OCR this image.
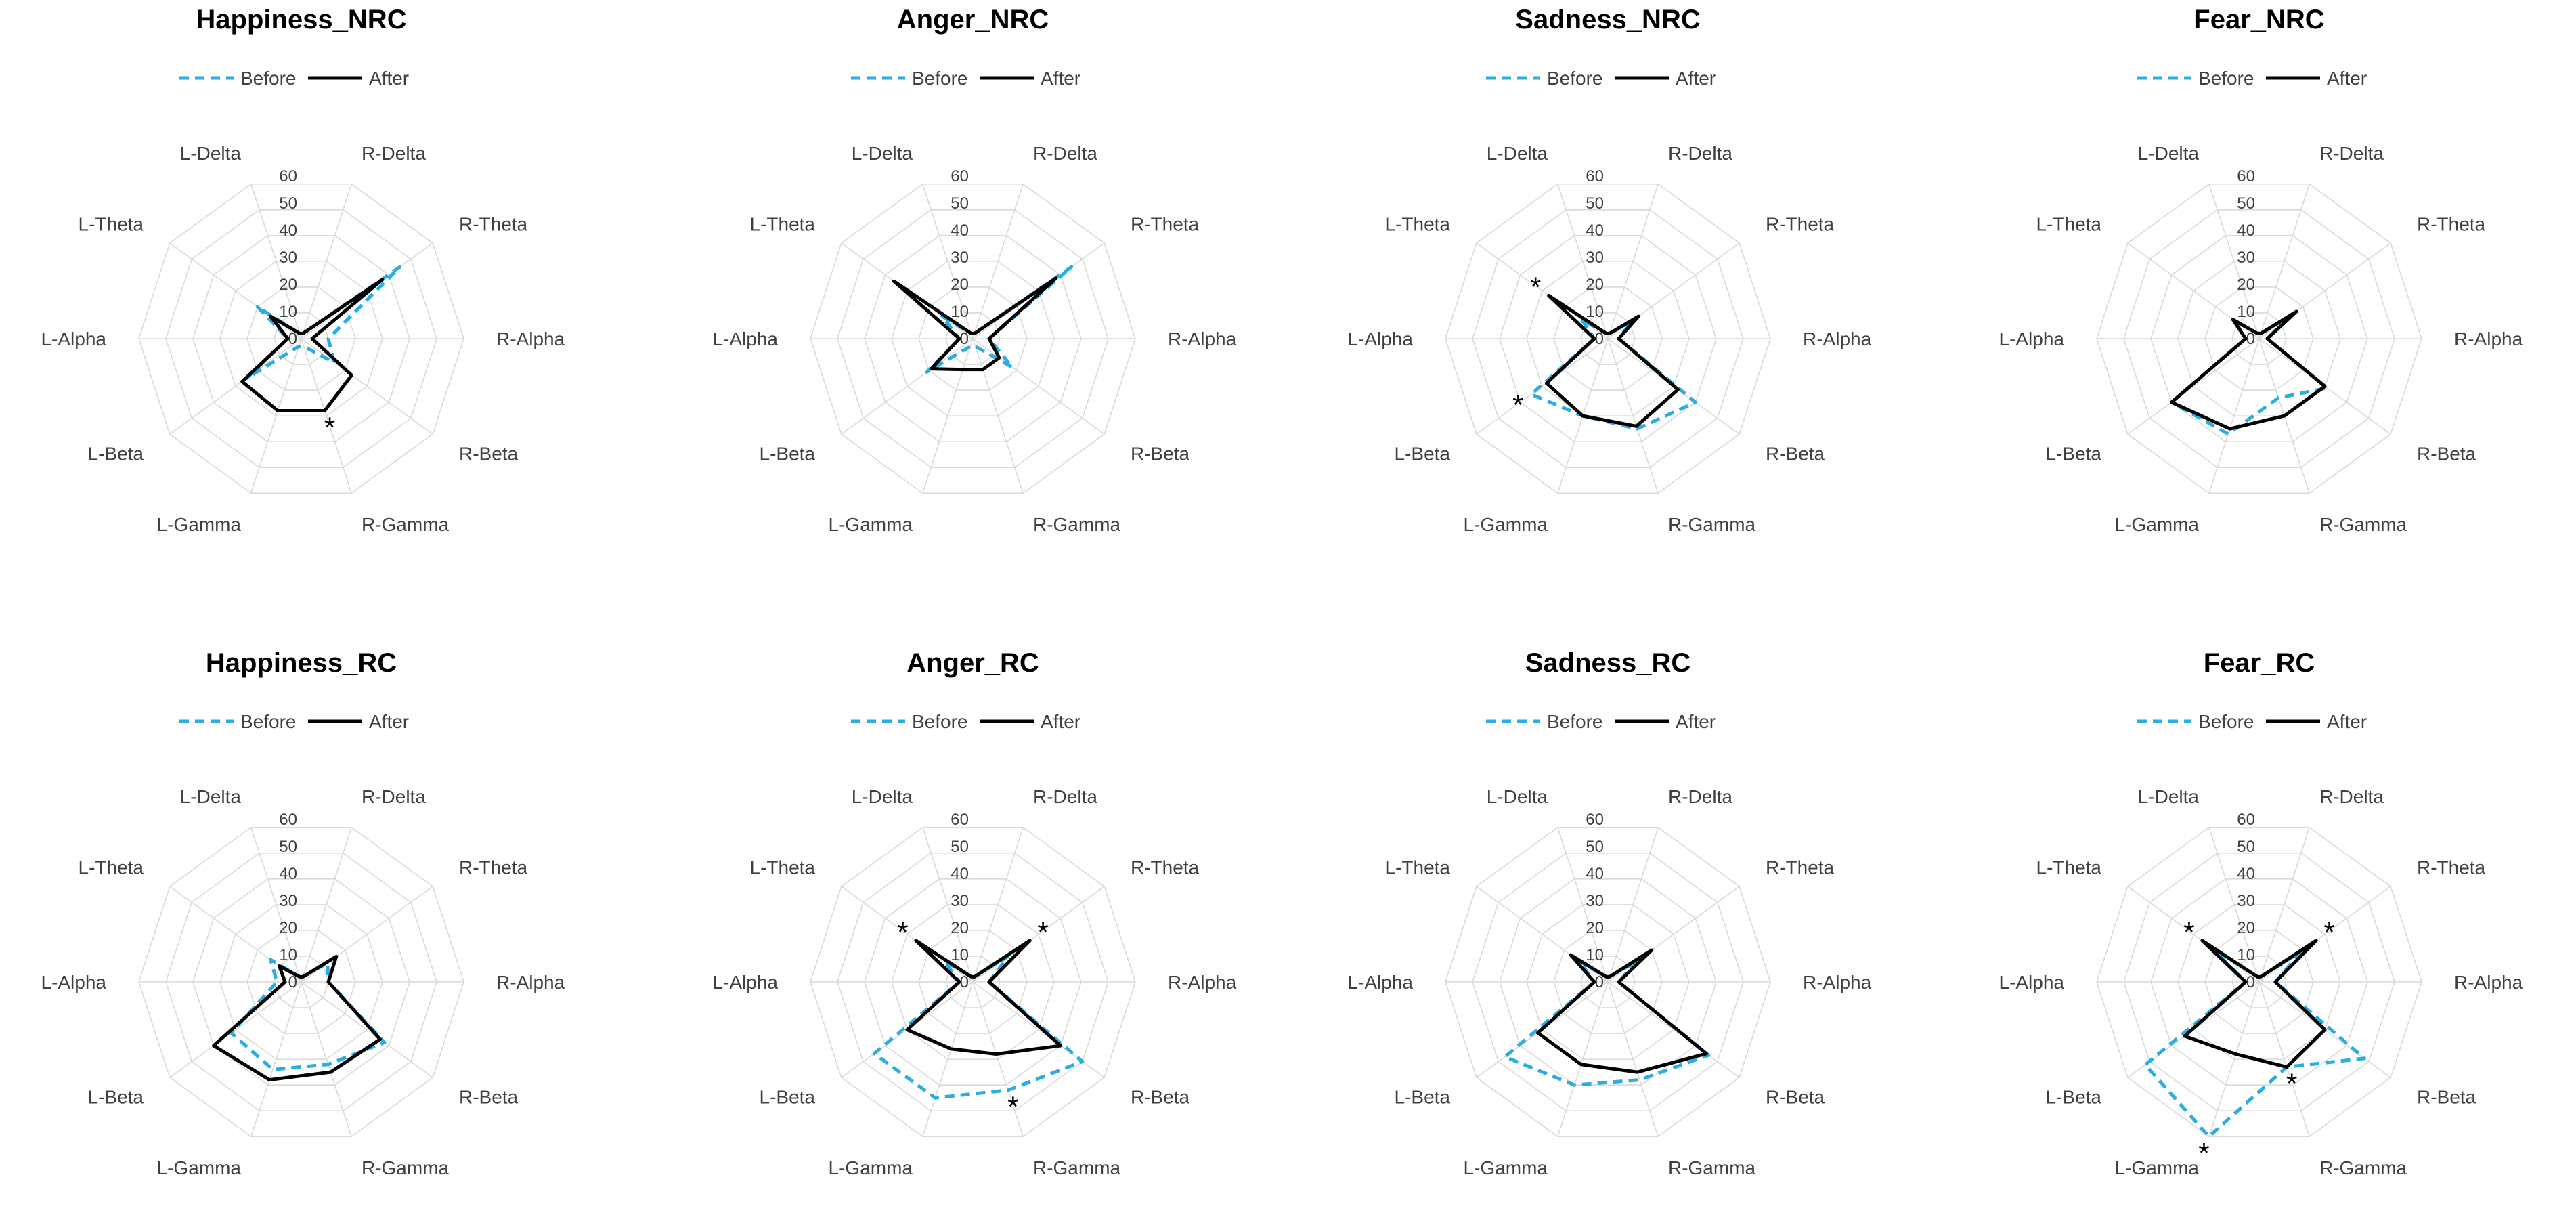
Happiness_NRC
Before	After
0
10
20
30
40
50
60
R-Delta
R-Theta
R-Alpha
R-Beta
R-Gamma
L-Gamma
L-Beta
L-Alpha
L-Theta
L-Delta
*
Anger_NRC
Before	After
0
10
20
30
40
50
60
R-Delta
R-Theta
R-Alpha
R-Beta
R-Gamma
L-Gamma
L-Beta
L-Alpha
L-Theta
L-Delta
Sadness_NRC
Before	After
0
10
20
30
40
50
60
R-Delta
R-Theta
R-Alpha
R-Beta
R-Gamma
L-Gamma
L-Beta
L-Alpha
L-Theta
L-Delta
*
*
Fear_NRC
Before	After
0
10
20
30
40
50
60
R-Delta
R-Theta
R-Alpha
R-Beta
R-Gamma
L-Gamma
L-Beta
L-Alpha
L-Theta
L-Delta
Happiness_RC
Before	After
0
10
20
30
40
50
60
R-Delta
R-Theta
R-Alpha
R-Beta
R-Gamma
L-Gamma
L-Beta
L-Alpha
L-Theta
L-Delta
Anger_RC
Before	After
0
10
20
30
40
50
60
R-Delta
R-Theta
R-Alpha
R-Beta
R-Gamma
L-Gamma
L-Beta
L-Alpha
L-Theta
L-Delta
*	*
*
Sadness_RC
Before	After
0
10
20
30
40
50
60
R-Delta
R-Theta
R-Alpha
R-Beta
R-Gamma
L-Gamma
L-Beta
L-Alpha
L-Theta
L-Delta
Fear_RC
Before	After
0
10
20
30
40
50
60
R-Delta
R-Theta
R-Alpha
R-Beta
R-Gamma
L-Gamma
L-Beta
L-Alpha
L-Theta
L-Delta
*	*
*
*
